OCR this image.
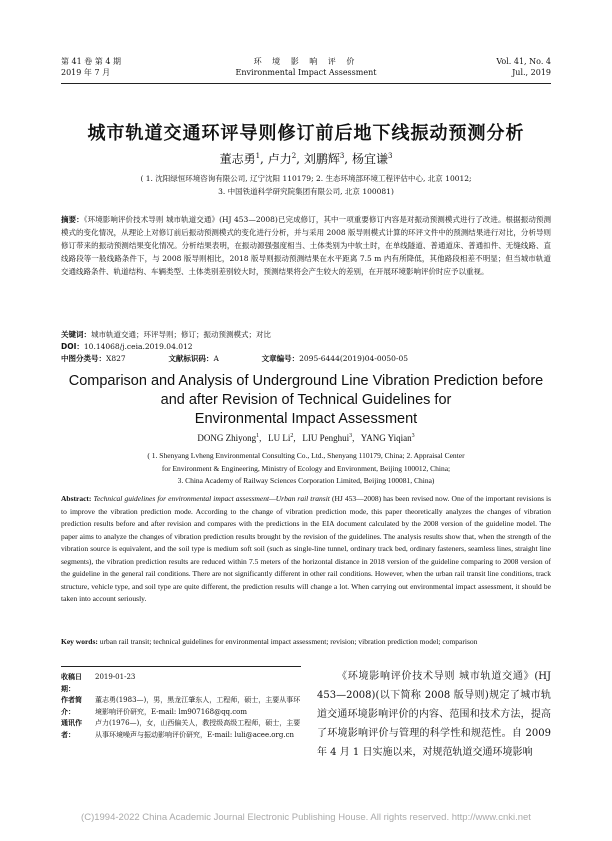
第 41 卷 第 4 期
2019 年 7 月
环 境 影 响 评 价
Environmental Impact Assessment
Vol. 41, No. 4
Jul., 2019
城市轨道交通环评导则修订前后地下线振动预测分析
董志勇$^1$, 卢力$^2$, 刘鹏辉$^3$, 杨宜谦$^3$
( 1. 沈阳绿恒环境咨询有限公司, 辽宁沈阳 110179; 2. 生态环境部环境工程评估中心, 北京 10012;
3. 中国铁道科学研究院集团有限公司, 北京 100081)
摘要：《环境影响评价技术导则 城市轨道交通》(HJ 453—2008)已完成修订，其中一项重要修订内容是对振动预测模式进行了改进。根据振动预测模式的变化情况，从理论上对修订前后振动预测模式的变化进行分析，并与采用 2008 版导则模式计算的环评文件中的预测结果进行对比，分析导则修订带来的振动预测结果变化情况。分析结果表明，在振动源强强度相当、土体类别为中软土时，在单线隧道、普通道床、普通扣件、无缝线路、直线路段等一般线路条件下，与 2008 版导则相比，2018 版导则振动预测结果在水平距离 7.5 m 内有所降低，其他路段相差不明显；但当城市轨道交通线路条件、轨道结构、车辆类型、土体类别差别较大时，预测结果将会产生较大的差别，在开展环境影响评价时应予以重视。
关键词：城市轨道交通；环评导则；修订；振动预测模式；对比
DOI：10.14068/j.ceia.2019.04.012
中图分类号：X827	文献标识码：A	文章编号：2095-6444(2019)04-0050-05
Comparison and Analysis of Underground Line Vibration Prediction before
and after Revision of Technical Guidelines for
Environmental Impact Assessment
DONG Zhiyong$^1$,   LU Li$^2$,   LIU Penghui$^3$,   YANG Yiqian$^3$
( 1. Shenyang Lvheng Environmental Consulting Co., Ltd., Shenyang 110179, China; 2. Appraisal Center
for Environment & Engineering, Ministry of Ecology and Environment, Beijing 100012, China;
3. China Academy of Railway Sciences Corporation Limited, Beijing 100081, China)
Abstract: Technical guidelines for environmental impact assessment—Urban rail transit (HJ 453—2008) has been revised now. One of the important revisions is to improve the vibration prediction mode. According to the change of vibration prediction mode, this paper theoretically analyzes the changes of vibration prediction results before and after revision and compares with the predictions in the EIA document calculated by the 2008 version of the guideline model. The paper aims to analyze the changes of vibration prediction results brought by the revision of the guidelines. The analysis results show that, when the strength of the vibration source is equivalent, and the soil type is medium soft soil (such as single-line tunnel, ordinary track bed, ordinary fasteners, seamless lines, straight line segments), the vibration prediction results are reduced within 7.5 meters of the horizontal distance in 2018 version of the guideline comparing to 2008 version of the guideline in the general rail conditions. There are not significantly different in other rail conditions. However, when the urban rail transit line conditions, track structure, vehicle type, and soil type are quite different, the prediction results will change a lot. When carrying out environmental impact assessment, it should be taken into account seriously.
Key words: urban rail transit; technical guidelines for environmental impact assessment; revision; vibration prediction model; comparison
收稿日期：
2019-01-23
作者简介：
董志勇(1983—)，男，黑龙江肇东人，工程师，硕士，主要从事环境影响评价研究，E-mail: lm907168@qq.com
通讯作者：
卢力(1976—)，女，山西偏关人，教授级高级工程师，硕士，主要从事环境噪声与振动影响评价研究，E-mail: luli@acee.org.cn
《环境影响评价技术导则 城市轨道交通》(HJ 453—2008)(以下简称 2008 版导则)规定了城市轨道交通环境影响评价的内容、范围和技术方法，提高了环境影响评价与管理的科学性和规范性。自 2009 年 4 月 1 日实施以来，对规范轨道交通环境影响
(C)1994-2022 China Academic Journal Electronic Publishing House. All rights reserved. http://www.cnki.net
